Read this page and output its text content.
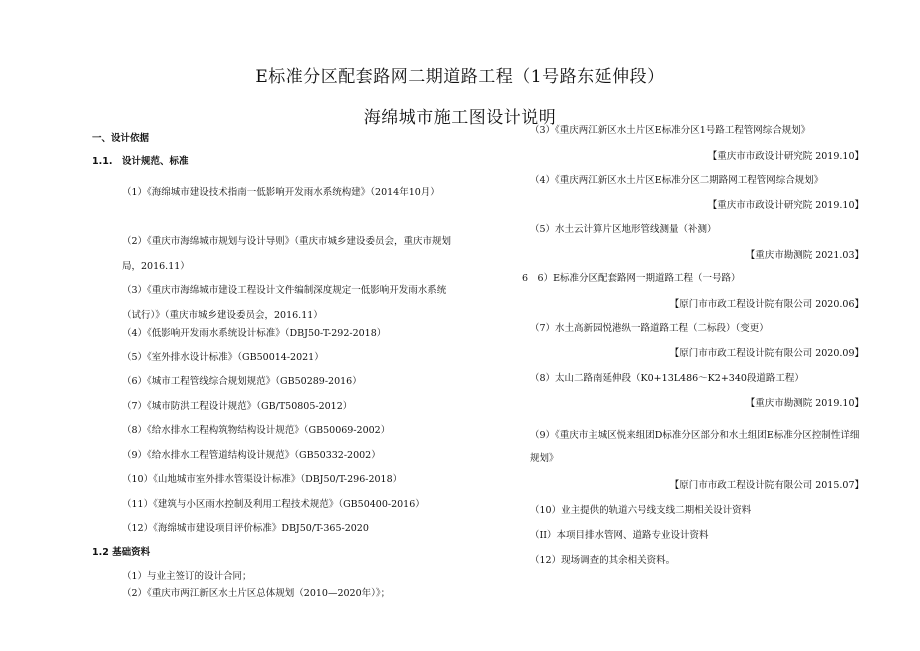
E标准分区配套路网二期道路工程（1号路东延伸段）
海绵城市施工图设计说明
一、设计依据
1.1.　设计规范、标准
（1）《海绵城市建设技术指南一低影响开发雨水系统构建》（2014年10月）
（2）《重庆市海绵城市规划与设计导则》（重庆市城乡建设委员会，重庆市规划局，2016.11）
（3）《重庆市海绵城市建设工程设计文件编制深度规定一低影响开发雨水系统（试行）》（重庆市城乡建设委员会，2016.11）
（4）《低影响开发雨水系统设计标准》（DBJ50-T-292-2018）
（5）《室外排水设计标准》（GB50014-2021）
（6）《城市工程管线综合规划规范》（GB50289-2016）
（7）《城市防洪工程设计规范》（GB/T50805-2012）
（8）《给水排水工程构筑物结构设计规范》（GB50069-2002）
（9）《给水排水工程管道结构设计规范》（GB50332-2002）
（10）《山地城市室外排水管渠设计标准》（DBJ50/T-296-2018）
（11）《建筑与小区雨水控制及利用工程技术规范》（GB50400-2016）
（12）《海绵城市建设项目评价标准》DBJ50/T-365-2020
1.2 基础资料
（1）与业主签订的设计合同；
（2）《重庆市两江新区水土片区总体规划（2010—2020年）》；
（3）《重庆两江新区水土片区E标准分区1号路工程管网综合规划》
【重庆市市政设计研究院 2019.10】
（4）《重庆两江新区水土片区E标准分区二期路网工程管网综合规划》
【重庆市市政设计研究院 2019.10】
（5）水土云计算片区地形管线测量（补测）
【重庆市勘测院 2021.03】
6　6）E标准分区配套路网一期道路工程（一号路）
【原门市市政工程设计院有限公司 2020.06】
（7）水土高新园悦港纵一路道路工程（二标段）（变更）
【原门市市政工程设计院有限公司 2020.09】
（8）太山二路南延伸段（K0+13L486～K2+340段道路工程）
【重庆市勘测院 2019.10】
（9）《重庆市主城区悦来组团D标准分区部分和水土组团E标准分区控制性详细规划》
【原门市市政工程设计院有限公司 2015.07】
（10）业主提供的轨道六号线支线二期相关设计资料
（II）本项目排水管网、道路专业设计资料
（12）现场调查的其余相关资料。
